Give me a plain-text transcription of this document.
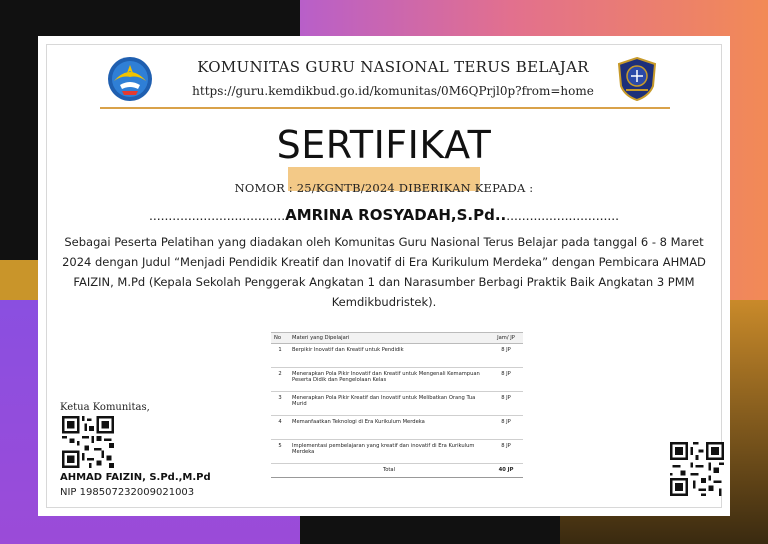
KOMUNITAS GURU NASIONAL TERUS BELAJAR
https://guru.kemdikbud.go.id/komunitas/0M6QPrjl0p?from=home
SERTIFIKAT
NOMOR : 25/KGNTB/2024 DIBERIKAN KEPADA :
...................................AMRINA ROSYADAH,S.Pd...............................
Sebagai Peserta Pelatihan yang diadakan oleh Komunitas Guru Nasional Terus Belajar pada tanggal 6 - 8 Maret 2024 dengan Judul “Menjadi Pendidik Kreatif dan Inovatif di Era Kurikulum Merdeka” dengan Pembicara AHMAD FAIZIN, M.Pd (Kepala Sekolah Penggerak Angkatan 1 dan Narasumber Berbagi Praktik Baik Angkatan 3 PMM Kemdikbudristek).
No	Materi yang Dipelajari	Jam/ JP
1	Berpikir Inovatif dan Kreatif untuk Pendidik	8 JP
2	Menerapkan Pola Pikir Inovatif dan Kreatif untuk Mengenali Kemampuan Peserta Didik dan Pengelolaan Kelas	8 JP
3	Menerapkan Pola Pikir Kreatif dan Inovatif untuk Melibatkan Orang Tua Murid	8 JP
4	Memanfaatkan Teknologi di Era Kurikulum Merdeka	8 JP
5	Implementasi pembelajaran yang kreatif dan inovatif di Era Kurikulum Merdeka	8 JP
	Total	40 JP
Ketua Komunitas,
AHMAD FAIZIN, S.Pd.,M.Pd
NIP 198507232009021003
